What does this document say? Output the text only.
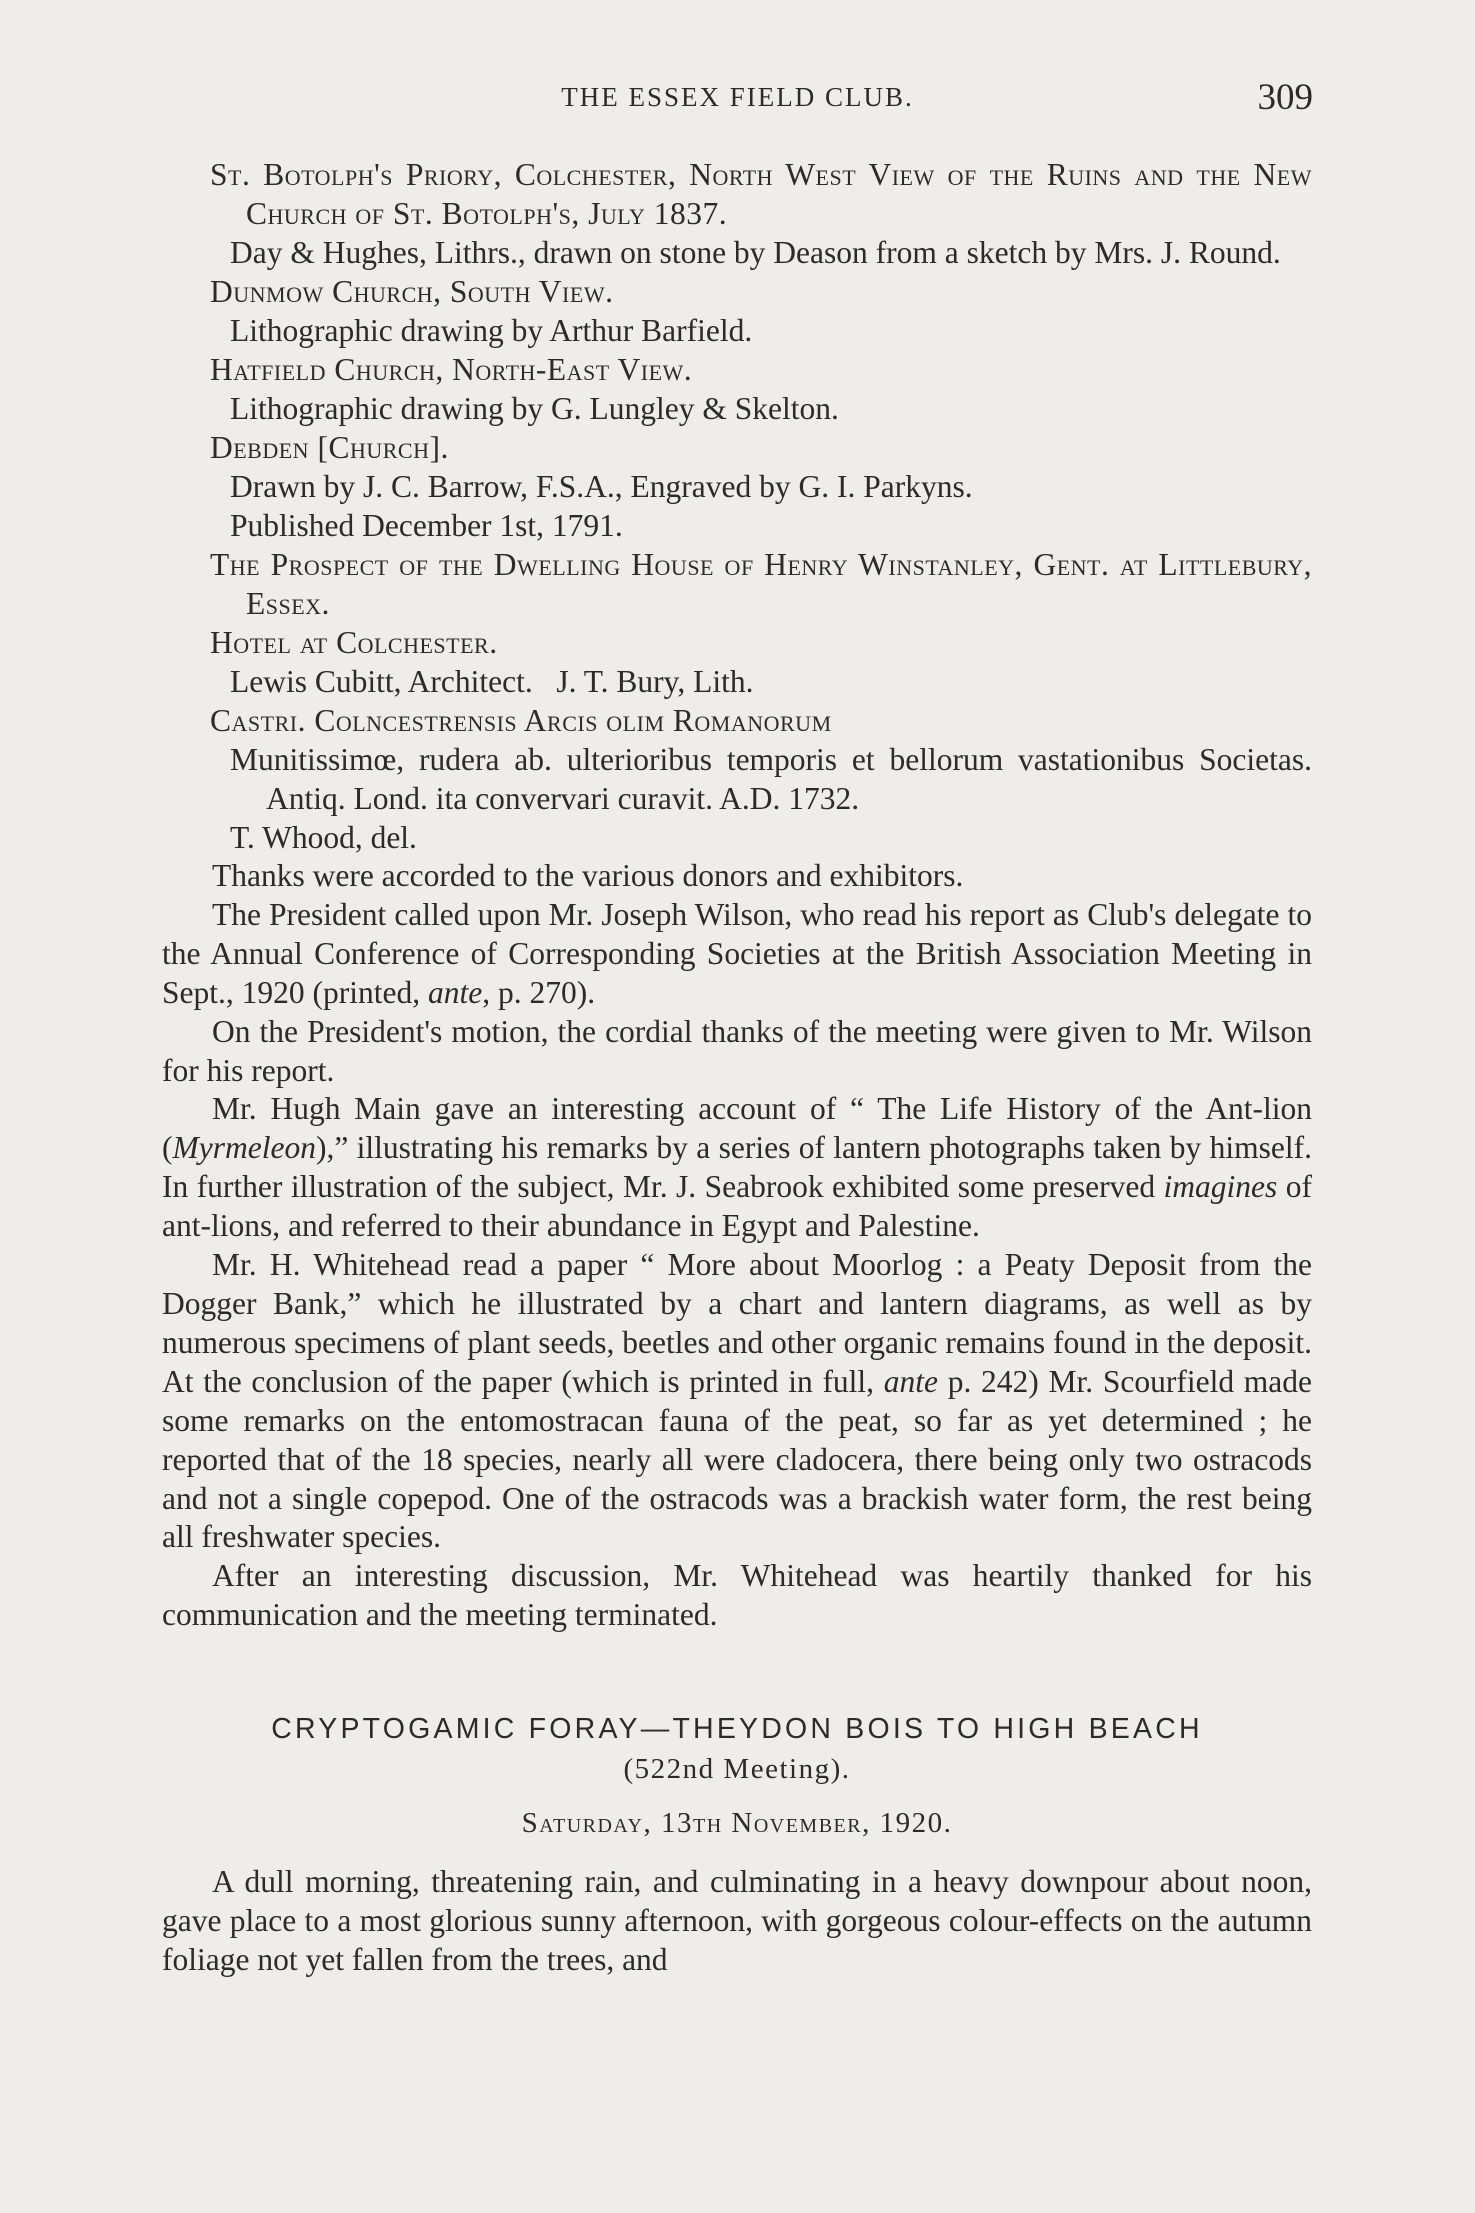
THE ESSEX FIELD CLUB.	309
St. Botolph's Priory, Colchester, North West View of the Ruins and the New Church of St. Botolph's, July 1837.
Day & Hughes, Lithrs., drawn on stone by Deason from a sketch by Mrs. J. Round.
Dunmow Church, South View.
Lithographic drawing by Arthur Barfield.
Hatfield Church, North-East View.
Lithographic drawing by G. Lungley & Skelton.
Debden [Church].
Drawn by J. C. Barrow, F.S.A., Engraved by G. I. Parkyns.
Published December 1st, 1791.
The Prospect of the Dwelling House of Henry Winstanley, Gent. at Littlebury, Essex.
Hotel at Colchester.
Lewis Cubitt, Architect.   J. T. Bury, Lith.
Castri. Colncestrensis Arcis olim Romanorum
Munitissimœ, rudera ab. ulterioribus temporis et bellorum vastationibus Societas. Antiq. Lond. ita convervari curavit. A.D. 1732.
T. Whood, del.

Thanks were accorded to the various donors and exhibitors.

The President called upon Mr. Joseph Wilson, who read his report as Club's delegate to the Annual Conference of Corresponding Societies at the British Association Meeting in Sept., 1920 (printed, ante, p. 270).

On the President's motion, the cordial thanks of the meeting were given to Mr. Wilson for his report.

Mr. Hugh Main gave an interesting account of “ The Life History of the Ant-lion (Myrmeleon),” illustrating his remarks by a series of lantern photographs taken by himself. In further illustration of the subject, Mr. J. Seabrook exhibited some preserved imagines of ant-lions, and referred to their abundance in Egypt and Palestine.

Mr. H. Whitehead read a paper “ More about Moorlog : a Peaty Deposit from the Dogger Bank,” which he illustrated by a chart and lantern diagrams, as well as by numerous specimens of plant seeds, beetles and other organic remains found in the deposit. At the conclusion of the paper (which is printed in full, ante p. 242) Mr. Scourfield made some remarks on the entomostracan fauna of the peat, so far as yet determined ; he reported that of the 18 species, nearly all were cladocera, there being only two ostracods and not a single copepod. One of the ostracods was a brackish water form, the rest being all freshwater species.

After an interesting discussion, Mr. Whitehead was heartily thanked for his communication and the meeting terminated.

CRYPTOGAMIC FORAY—THEYDON BOIS TO HIGH BEACH
(522nd Meeting).
Saturday, 13th November, 1920.

A dull morning, threatening rain, and culminating in a heavy downpour about noon, gave place to a most glorious sunny afternoon, with gorgeous colour-effects on the autumn foliage not yet fallen from the trees, and
